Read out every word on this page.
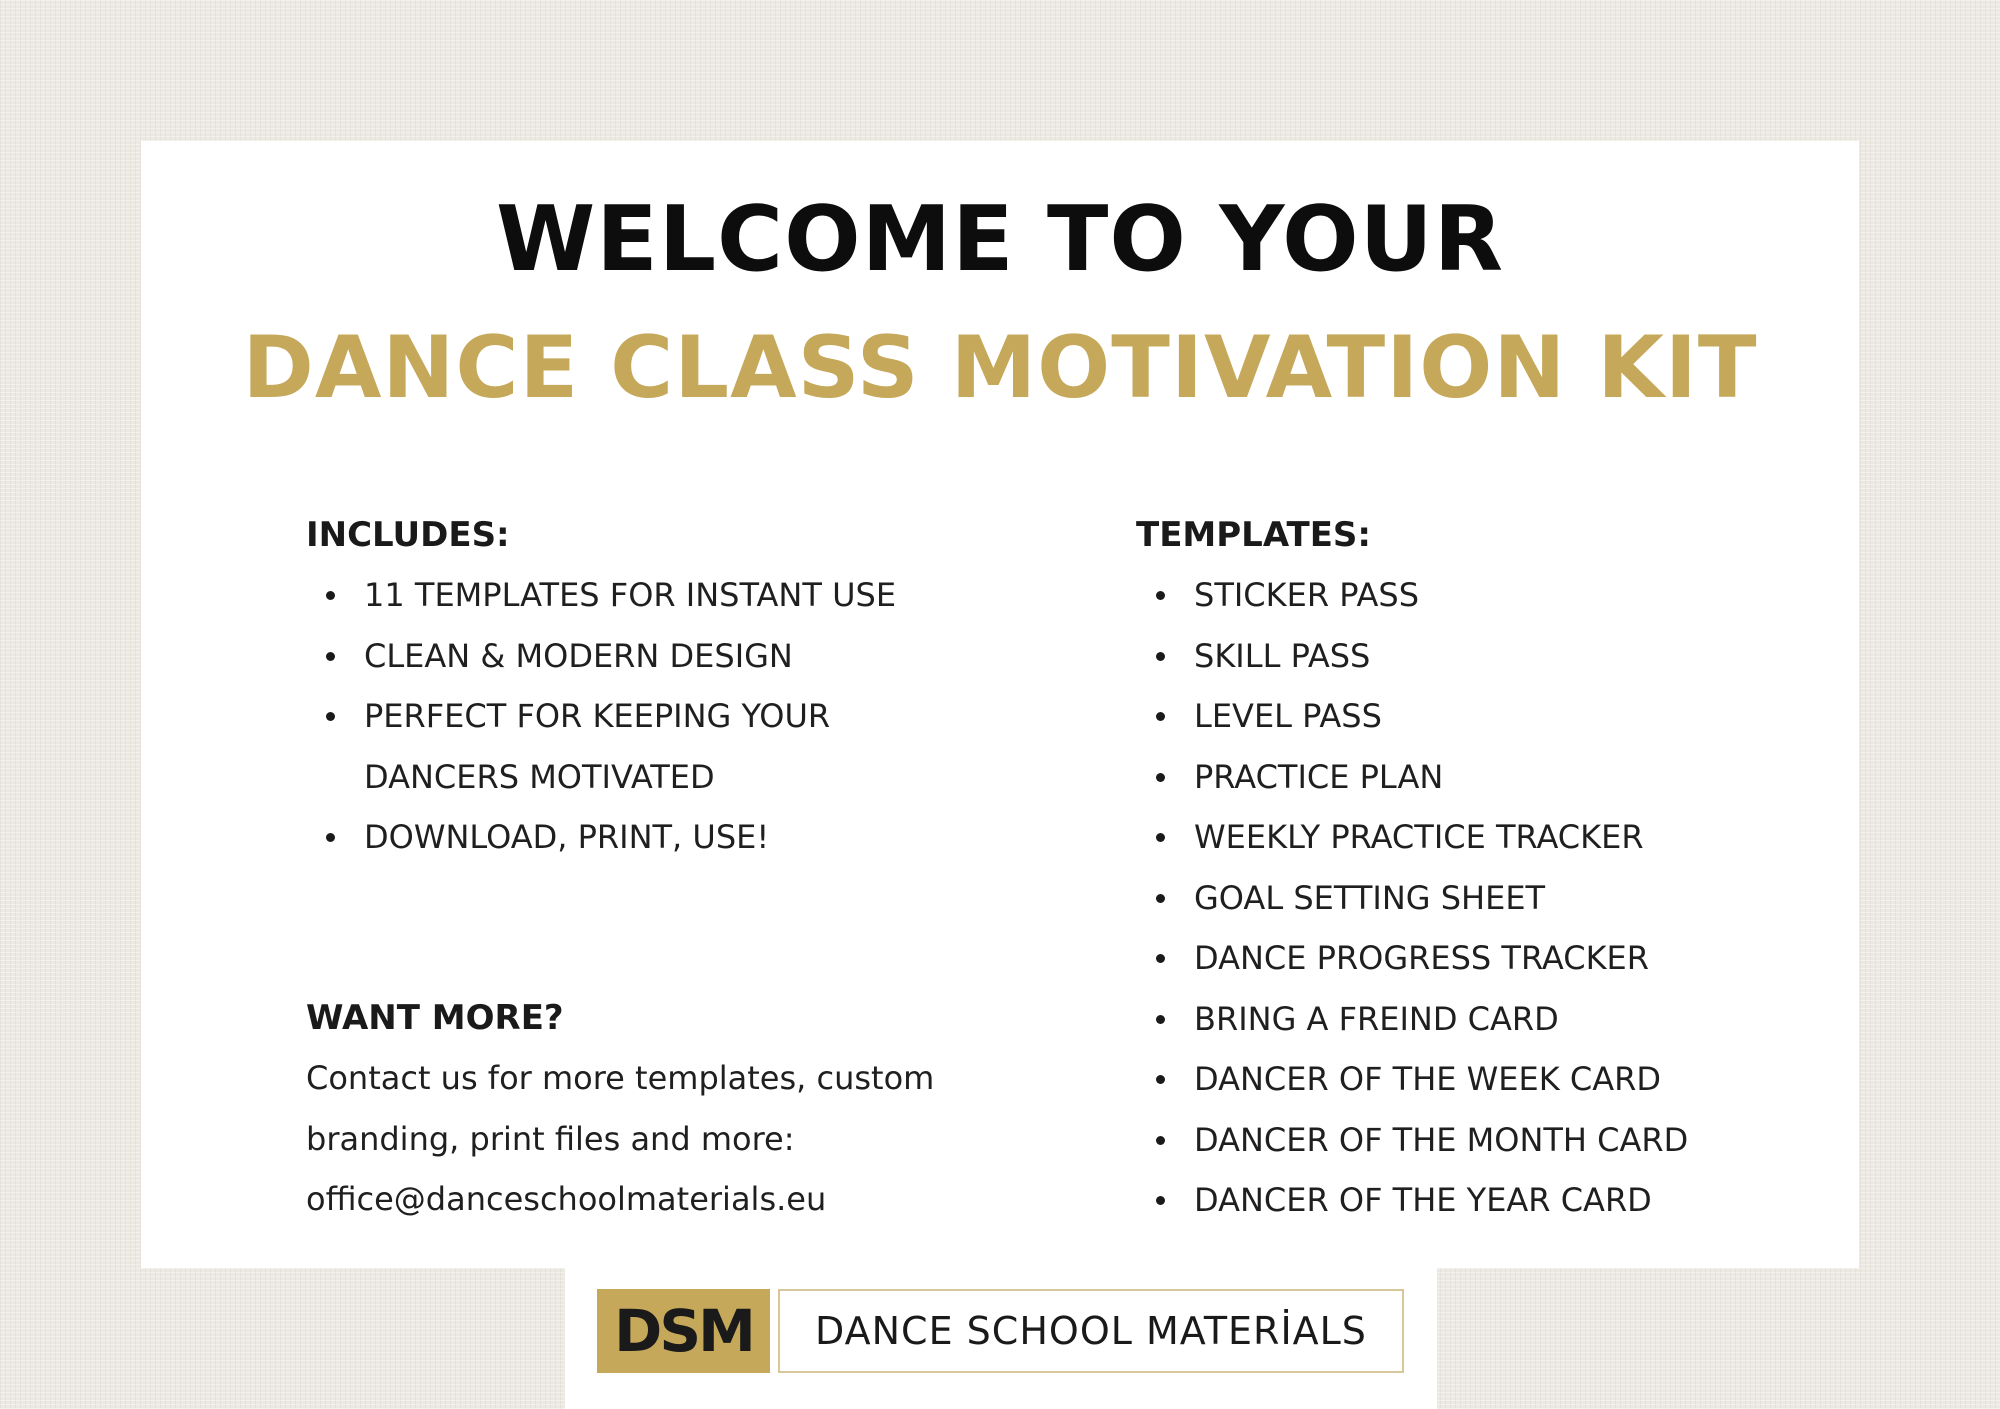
WELCOME TO YOUR
DANCE CLASS MOTIVATION KIT
INCLUDES:
11 TEMPLATES FOR INSTANT USE
CLEAN & MODERN DESIGN
PERFECT FOR KEEPING YOUR
DANCERS MOTIVATED
DOWNLOAD, PRINT, USE!
WANT MORE?

Contact us for more templates, custom
branding, print files and more:
office@danceschoolmaterials.eu

TEMPLATES:
STICKER PASS
SKILL PASS
LEVEL PASS
PRACTICE PLAN
WEEKLY PRACTICE TRACKER
GOAL SETTING SHEET
DANCE PROGRESS TRACKER
BRING A FREIND CARD
DANCER OF THE WEEK CARD
DANCER OF THE MONTH CARD
DANCER OF THE YEAR CARD
DSM	DANCE SCHOOL MATERİALS
